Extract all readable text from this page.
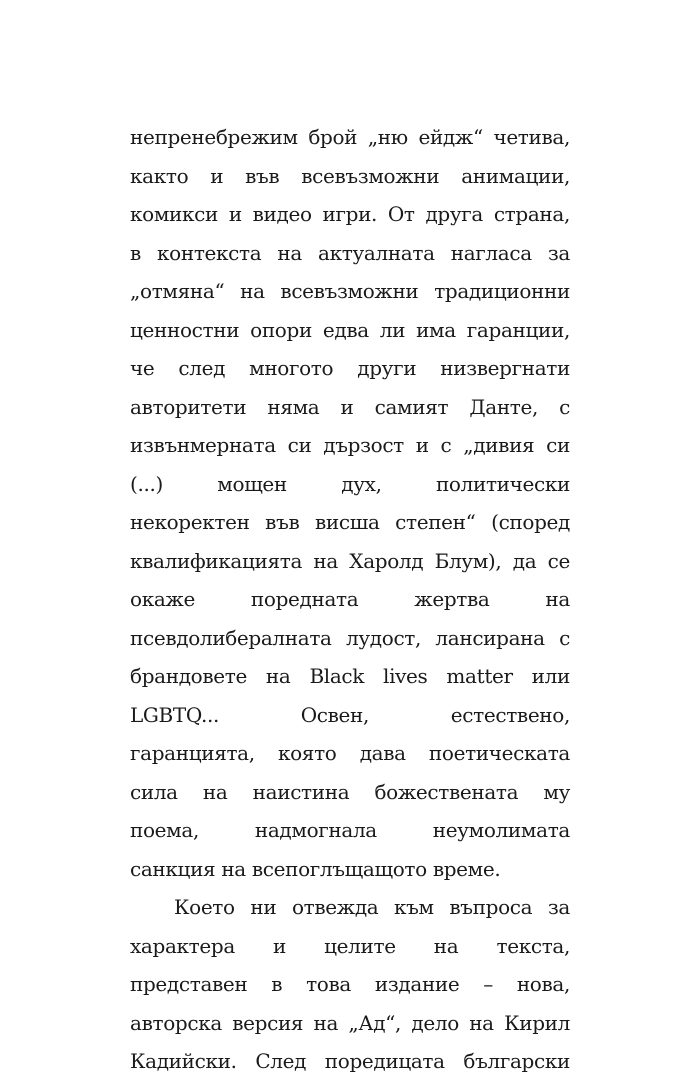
непренебрежим брой „ню ейдж“ четива,
както и във всевъзможни анимации,
комикси и видео игри. От друга страна,
в контекста на актуалната нагласа за
„отмяна“ на всевъзможни традиционни
ценностни опори едва ли има гаранции,
че след многото други низвергнати
авторитети няма и самият Данте, с
извънмерната си дързост и с „дивия си
(...) мощен дух, политически
некоректен във висша степен“ (според
квалификацията на Харолд Блум), да се
окаже поредната жертва на
псевдолибералната лудост, лансирана с
брандовете на Black lives matter или
LGBTQ... Освен, естествено,
гаранцията, която дава поетическата
сила на наистина божествената му
поема, надмогнала неумолимата
санкция на всепоглъщащото време.
Което ни отвежда към въпроса за
характера и целите на текста,
представен в това издание – нова,
авторска версия на „Ад“, дело на Кирил
Кадийски. След поредицата български
